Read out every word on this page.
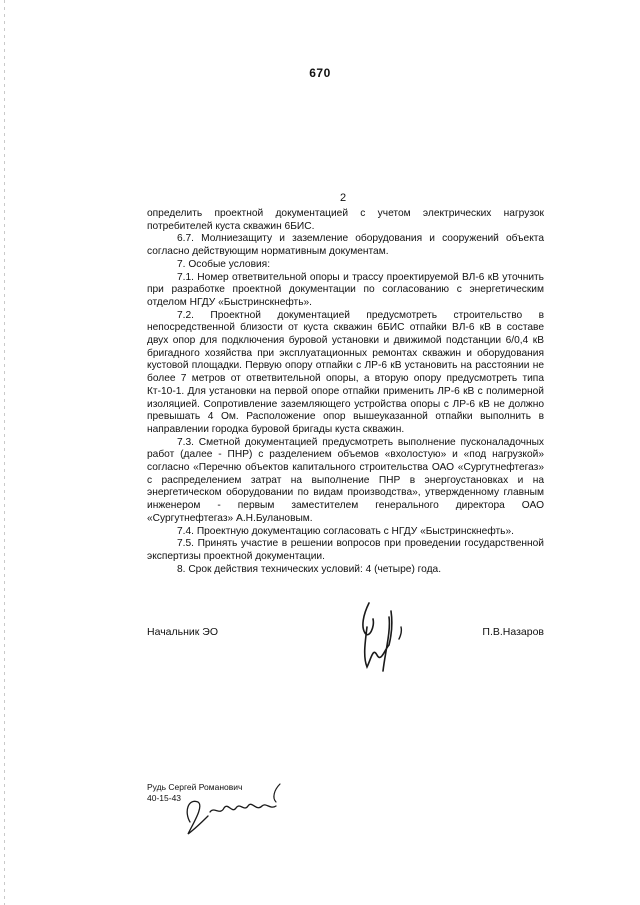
670
2

определить проектной документацией с учетом электрических нагрузок потребителей куста скважин 6БИС.

6.7. Молниезащиту и заземление оборудования и сооружений объекта согласно действующим нормативным документам.

7. Особые условия:

7.1. Номер ответвительной опоры и трассу проектируемой ВЛ-6 кВ уточнить при разработке проектной документации по согласованию с энергетическим отделом НГДУ «Быстринскнефть».

7.2. Проектной документацией предусмотреть строительство в непосредственной близости от куста скважин 6БИС отпайки ВЛ-6 кВ в составе двух опор для подключения буровой установки и движимой подстанции 6/0,4 кВ бригадного хозяйства при эксплуатационных ремонтах скважин и оборудования кустовой площадки. Первую опору отпайки с ЛР-6 кВ установить на расстоянии не более 7 метров от ответвительной опоры, а вторую опору предусмотреть типа Кт-10-1. Для установки на первой опоре отпайки применить ЛР-6 кВ с полимерной изоляцией. Сопротивление заземляющего устройства опоры с ЛР-6 кВ не должно превышать 4 Ом. Расположение опор вышеуказанной отпайки выполнить в направлении городка буровой бригады куста скважин.

7.3. Сметной документацией предусмотреть выполнение пусконаладочных работ (далее - ПНР) с разделением объемов «вхолостую» и «под нагрузкой» согласно «Перечню объектов капитального строительства ОАО «Сургутнефтегаз» с распределением затрат на выполнение ПНР в энергоустановках и на энергетическом оборудовании по видам производства», утвержденному главным инженером - первым заместителем генерального директора ОАО «Сургутнефтегаз» А.Н.Булановым.

7.4. Проектную документацию согласовать с НГДУ «Быстринскнефть».

7.5. Принять участие в решении вопросов при проведении государственной экспертизы проектной документации.

8. Срок действия технических условий: 4 (четыре) года.

Начальник ЭО	П.В.Назаров
Рудь Сергей Романович
40-15-43
